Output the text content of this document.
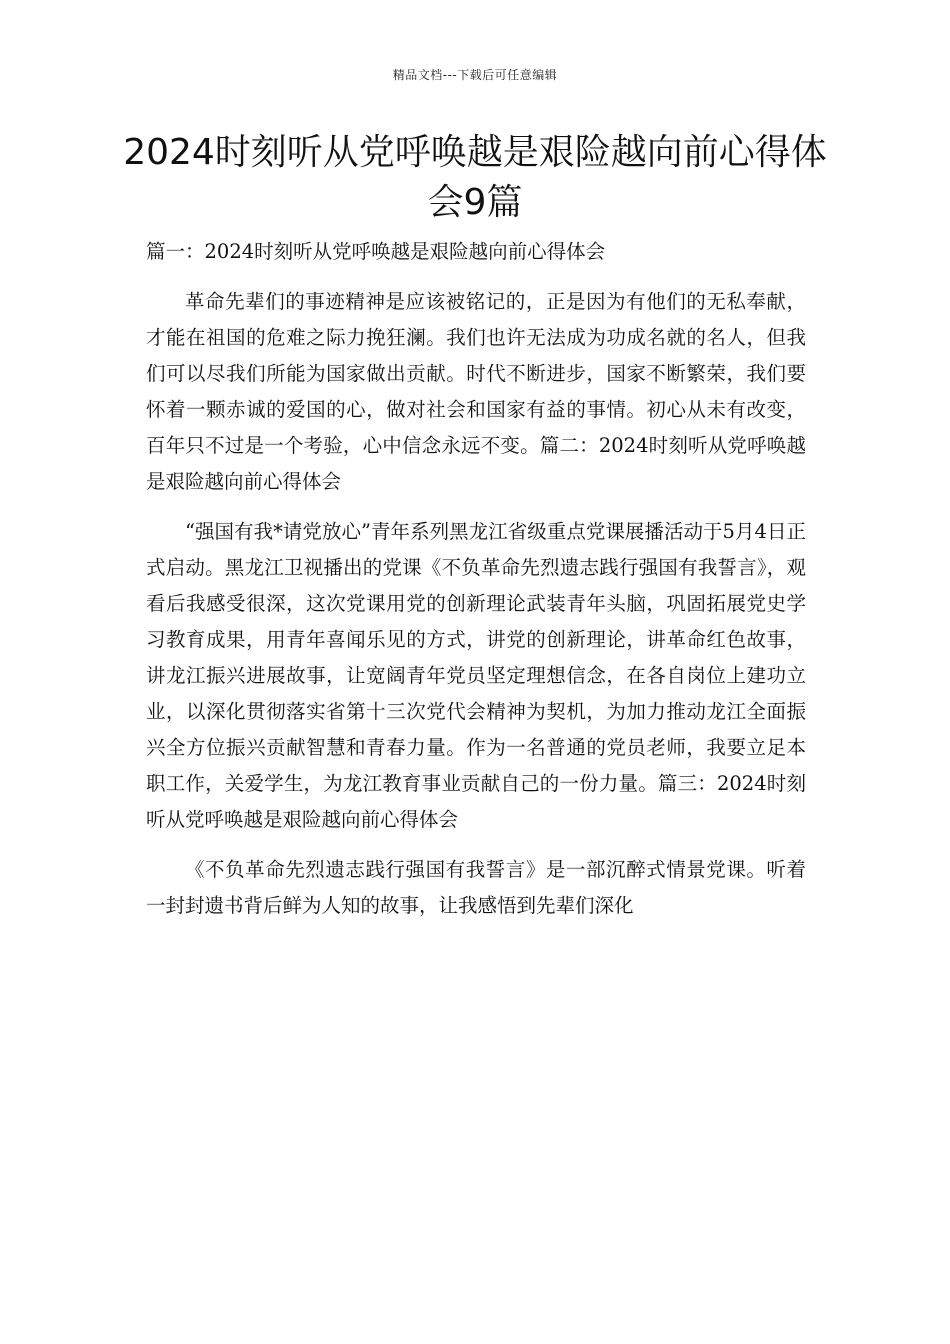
精品文档---下载后可任意编辑
2024时刻听从党呼唤越是艰险越向前心得体会9篇

篇一：2024时刻听从党呼唤越是艰险越向前心得体会

革命先辈们的事迹精神是应该被铭记的，正是因为有他们的无私奉献，才能在祖国的危难之际力挽狂澜。我们也许无法成为功成名就的名人，但我们可以尽我们所能为国家做出贡献。时代不断进步，国家不断繁荣，我们要怀着一颗赤诚的爱国的心，做对社会和国家有益的事情。初心从未有改变，百年只不过是一个考验，心中信念永远不变。篇二：2024时刻听从党呼唤越是艰险越向前心得体会

“强国有我*请党放心”青年系列黑龙江省级重点党课展播活动于5月4日正式启动。黑龙江卫视播出的党课《不负革命先烈遗志践行强国有我誓言》，观看后我感受很深，这次党课用党的创新理论武装青年头脑，巩固拓展党史学习教育成果，用青年喜闻乐见的方式，讲党的创新理论，讲革命红色故事，讲龙江振兴进展故事，让宽阔青年党员坚定理想信念，在各自岗位上建功立业，以深化贯彻落实省第十三次党代会精神为契机，为加力推动龙江全面振兴全方位振兴贡献智慧和青春力量。作为一名普通的党员老师，我要立足本职工作，关爱学生，为龙江教育事业贡献自己的一份力量。篇三：2024时刻听从党呼唤越是艰险越向前心得体会

《不负革命先烈遗志践行强国有我誓言》是一部沉醉式情景党课。听着一封封遗书背后鲜为人知的故事，让我感悟到先辈们深化
